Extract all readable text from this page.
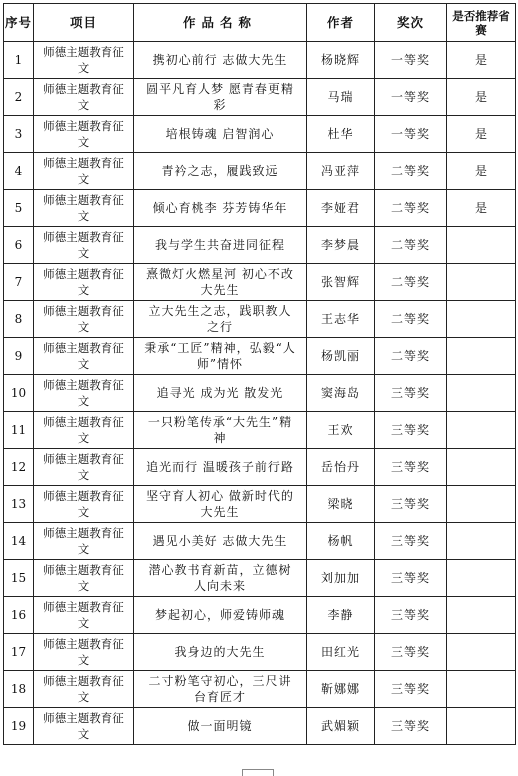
序号	项目	作品名称	作者	奖次	是否推荐省赛
1	师德主题教育征文	携初心前行 志做大先生	杨晓辉	一等奖	是
2	师德主题教育征文	圆平凡育人梦 愿青春更精彩	马瑞	一等奖	是
3	师德主题教育征文	培根铸魂 启智润心	杜华	一等奖	是
4	师德主题教育征文	青衿之志，履践致远	冯亚萍	二等奖	是
5	师德主题教育征文	倾心育桃李 芬芳铸华年	李娅君	二等奖	是
6	师德主题教育征文	我与学生共奋进同征程	李梦晨	二等奖	
7	师德主题教育征文	熹微灯火燃星河 初心不改大先生	张智辉	二等奖	
8	师德主题教育征文	立大先生之志，践职教人之行	王志华	二等奖	
9	师德主题教育征文	秉承“工匠”精神，弘毅“人师”情怀	杨凯丽	二等奖	
10	师德主题教育征文	追寻光 成为光 散发光	窦海岛	三等奖	
11	师德主题教育征文	一只粉笔传承“大先生”精神	王欢	三等奖	
12	师德主题教育征文	追光而行 温暖孩子前行路	岳怡丹	三等奖	
13	师德主题教育征文	坚守育人初心 做新时代的大先生	梁晓	三等奖	
14	师德主题教育征文	遇见小美好 志做大先生	杨帆	三等奖	
15	师德主题教育征文	潜心教书育新苗，立德树人向未来	刘加加	三等奖	
16	师德主题教育征文	梦起初心，师爱铸师魂	李静	三等奖	
17	师德主题教育征文	我身边的大先生	田红光	三等奖	
18	师德主题教育征文	二寸粉笔守初心，三尺讲台育匠才	靳娜娜	三等奖	
19	师德主题教育征文	做一面明镜	武媚颖	三等奖	
